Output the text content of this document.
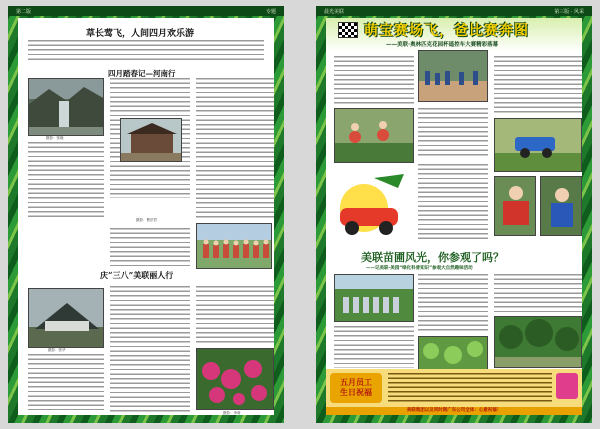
第二版	专题
草长莺飞，人间四月欢乐游
四月踏春记—河南行
摄影：张晓
摄影：曹洪哲
庆“三八”美联丽人行
摄影：张华
摄影：李莉
晨光美联	第三版 · 风采
萌宝赛场飞，爸比赛奔图
——美联·奥林匹克花园杯遥控车大赛精彩落幕
美联苗圃风光，你参观了吗？
——记美联·美园“绿化科普知识”参观大自然趣味活动
五月员工
生日祝福
美联集团以及同时期广东公司全体：心意祝福！
